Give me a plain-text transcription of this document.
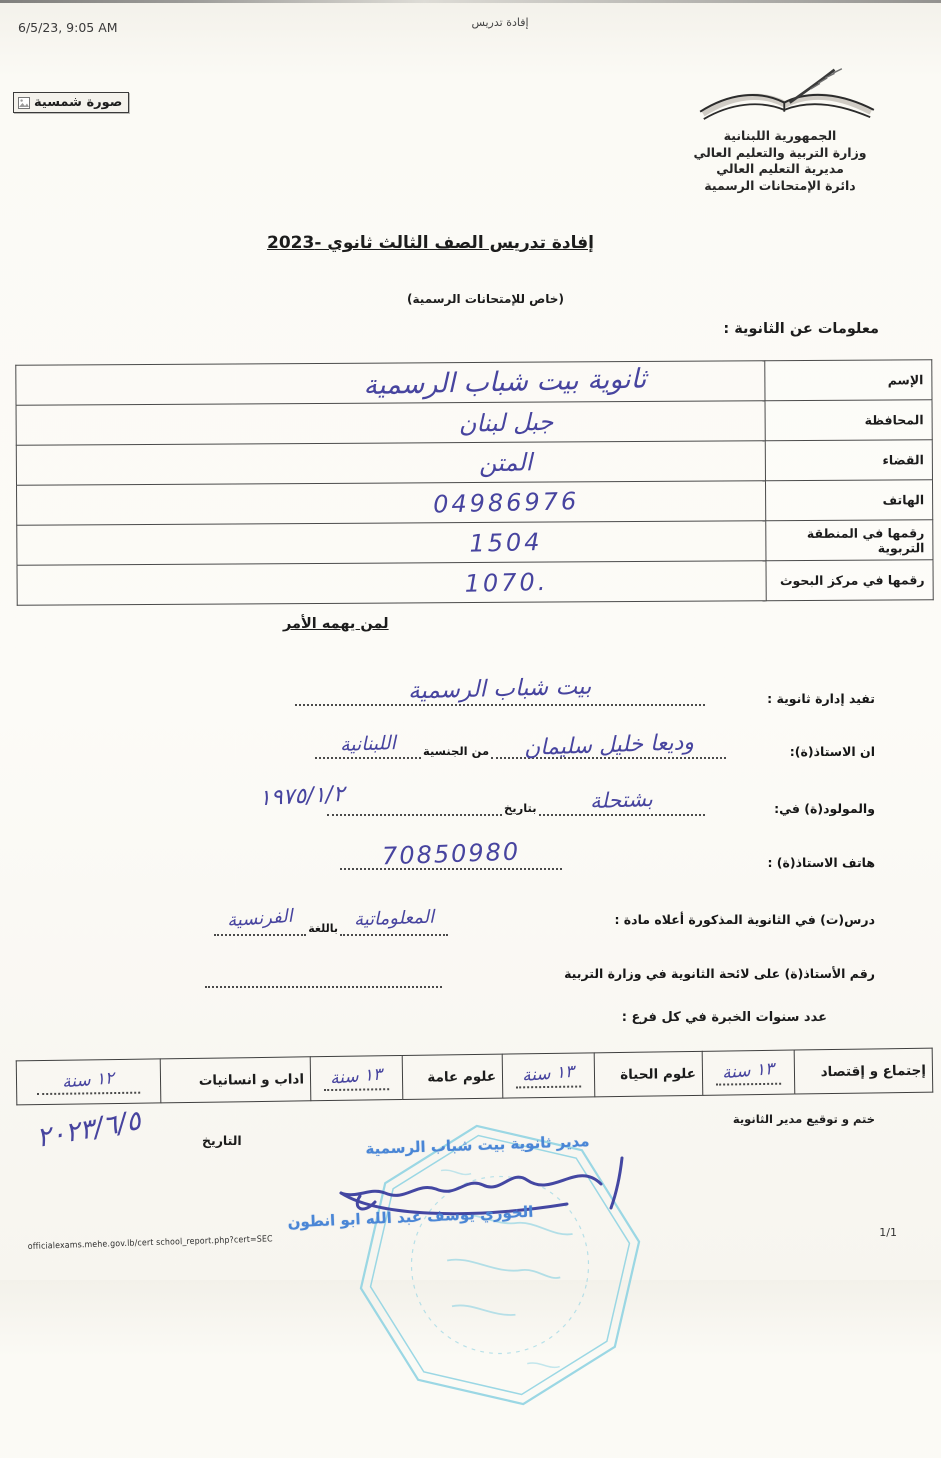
6/5/23, 9:05 AM	إفادة تدريس
صورة شمسية
الجمهورية اللبنانية
وزارة التربية والتعليم العالي
مديرية التعليم العالي
دائرة الإمتحانات الرسمية
إفادة تدريس الصف الثالث ثانوي -2023
(خاص للإمتحانات الرسمية)
معلومات عن الثانوية :
الإسم	ثانوية بيت شباب الرسمية
المحافظة	جبل لبنان
القضاء	المتن
الهاتف	04986976
رقمها في المنطقة التربوية	1504
رقمها في مركز البحوث	1070.
لمن يهمه الأمر
تفيد إدارة ثانوية :
بيت شباب الرسمية
ان الاستاذ(ة):
وديعا خليل سليمان
من الجنسية
اللبنانية
والمولود(ة) في:
بشتحلة
بتاريخ
١٩٧٥/١/٢
هاتف الاستاذ(ة) :
70850980
درس(ت) في الثانوية المذكورة أعلاه مادة :
المعلوماتية
باللغة
الفرنسية
رقم الأستاذ(ة) على لائحة الثانوية في وزارة التربية
عدد سنوات الخبرة في كل فرع :
إجتماع و إقتصاد	١٣ سنة	علوم الحياة	١٣ سنة	علوم عامة	١٣ سنة	اداب و انسانيات	١٢ سنة
ختم و توقيع مدير الثانوية
التاريخ
٢٠٢٣/٦/٥	مدير ثانوية بيت شباب الرسمية
الخوري يوسف عبد الله ابو انطون
officialexams.mehe.gov.lb/cert school_report.php?cert=SEC
1/1
